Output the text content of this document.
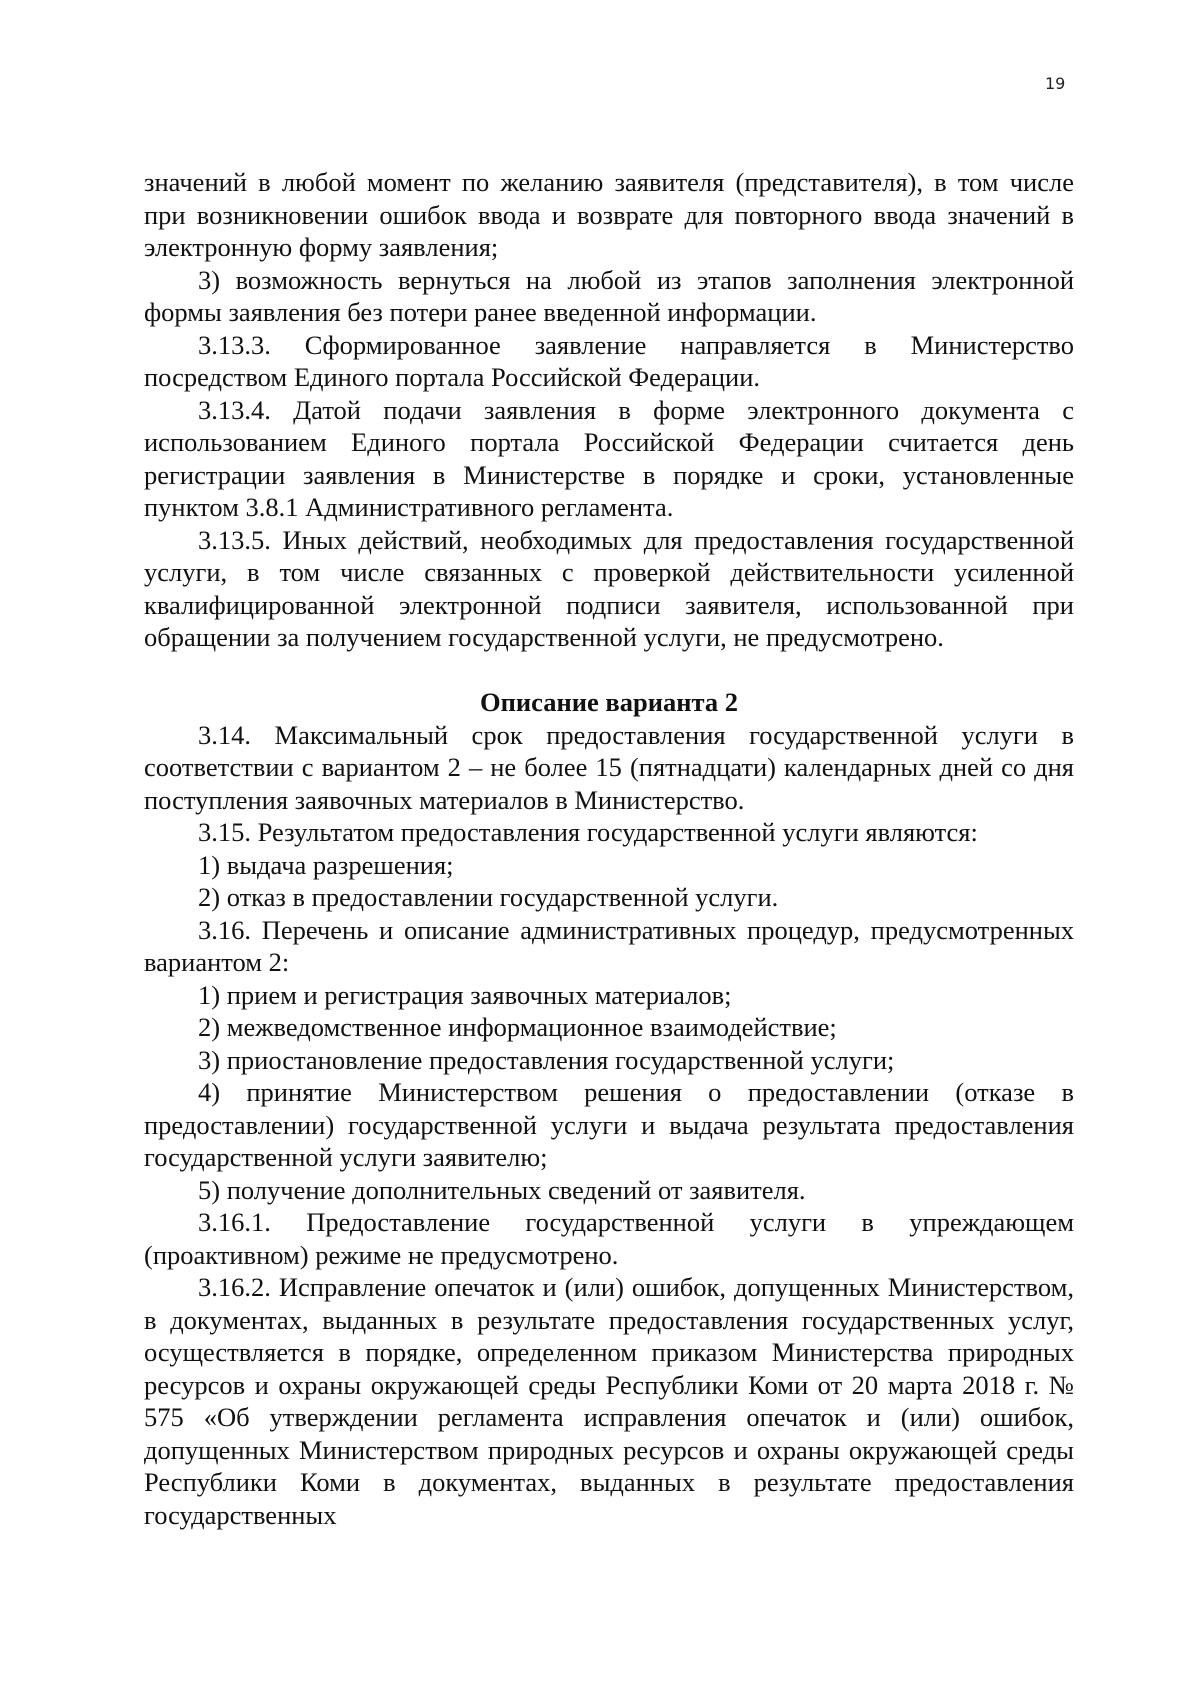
19

значений в любой момент по желанию заявителя (представителя), в том числе при возникновении ошибок ввода и возврате для повторного ввода значений в электронную форму заявления;

3) возможность вернуться на любой из этапов заполнения электронной формы заявления без потери ранее введенной информации.

3.13.3. Сформированное заявление направляется в Министерство посредством Единого портала Российской Федерации.

3.13.4. Датой подачи заявления в форме электронного документа с использованием Единого портала Российской Федерации считается день регистрации заявления в Министерстве в порядке и сроки, установленные пунктом 3.8.1 Административного регламента.

3.13.5. Иных действий, необходимых для предоставления государственной услуги, в том числе связанных с проверкой действительности усиленной квалифицированной электронной подписи заявителя, использованной при обращении за получением государственной услуги, не предусмотрено.

Описание варианта 2

3.14. Максимальный срок предоставления государственной услуги в соответствии с вариантом 2 – не более 15 (пятнадцати) календарных дней со дня поступления заявочных материалов в Министерство.

3.15. Результатом предоставления государственной услуги являются:

1) выдача разрешения;

2) отказ в предоставлении государственной услуги.

3.16. Перечень и описание административных процедур, предусмотренных вариантом 2:

1) прием и регистрация заявочных материалов;

2) межведомственное информационное взаимодействие;

3) приостановление предоставления государственной услуги;

4) принятие Министерством решения о предоставлении (отказе в предоставлении) государственной услуги и выдача результата предоставления государственной услуги заявителю;

5) получение дополнительных сведений от заявителя.

3.16.1. Предоставление государственной услуги в упреждающем (проактивном) режиме не предусмотрено.

3.16.2. Исправление опечаток и (или) ошибок, допущенных Министерством, в документах, выданных в результате предоставления государственных услуг, осуществляется в порядке, определенном приказом Министерства природных ресурсов и охраны окружающей среды Республики Коми от 20 марта 2018 г. № 575 «Об утверждении регламента исправления опечаток и (или) ошибок, допущенных Министерством природных ресурсов и охраны окружающей среды Республики Коми в документах, выданных в результате предоставления государственных
